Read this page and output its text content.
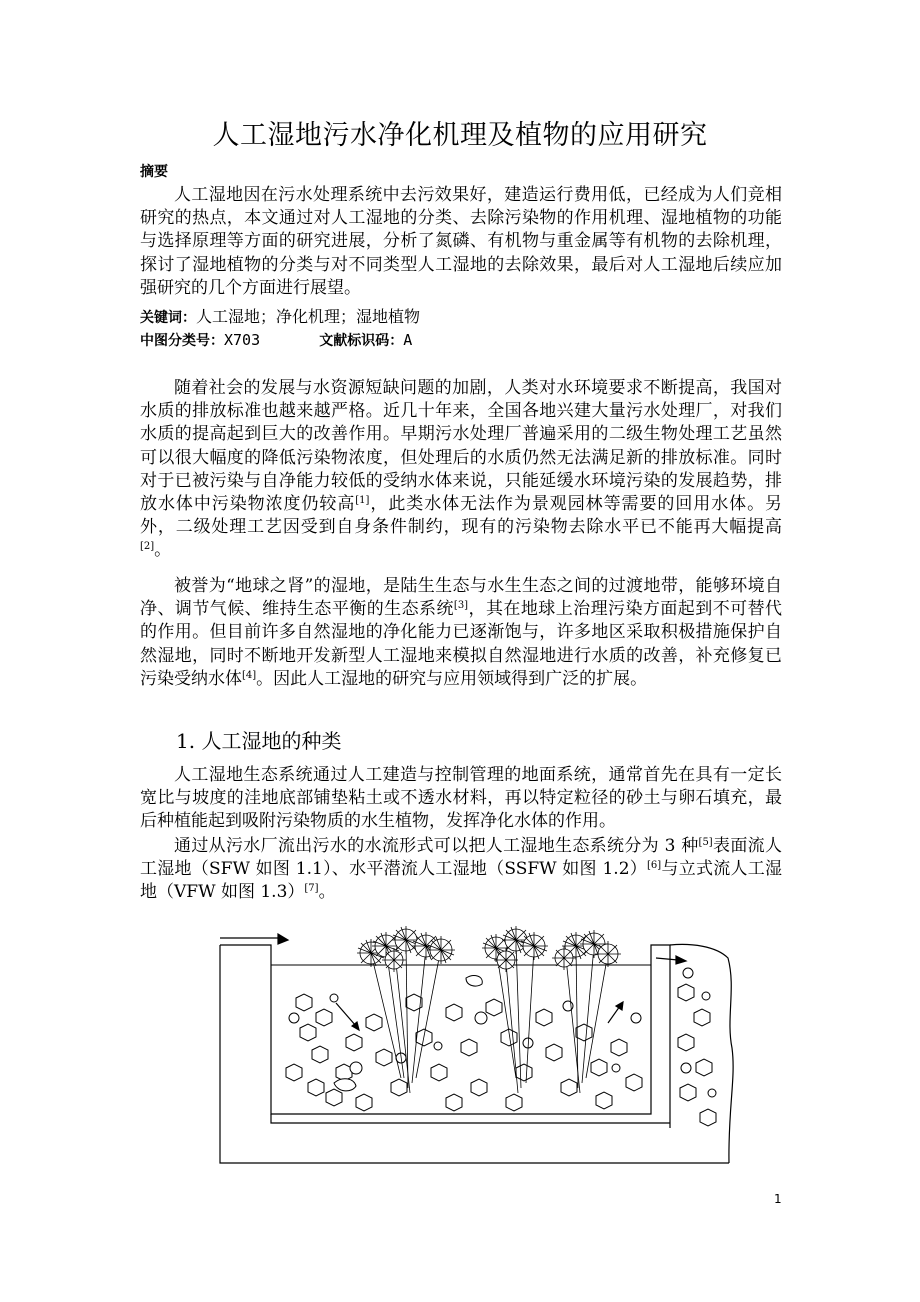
人工湿地污水净化机理及植物的应用研究
摘要

人工湿地因在污水处理系统中去污效果好，建造运行费用低，已经成为人们竞相研究的热点，本文通过对人工湿地的分类、去除污染物的作用机理、湿地植物的功能与选择原理等方面的研究进展，分析了氮磷、有机物与重金属等有机物的去除机理，探讨了湿地植物的分类与对不同类型人工湿地的去除效果，最后对人工湿地后续应加强研究的几个方面进行展望。

关键词：人工湿地；净化机理；湿地植物
中图分类号：X703	文献标识码：A

随着社会的发展与水资源短缺问题的加剧，人类对水环境要求不断提高，我国对水质的排放标准也越来越严格。近几十年来，全国各地兴建大量污水处理厂，对我们水质的提高起到巨大的改善作用。早期污水处理厂普遍采用的二级生物处理工艺虽然可以很大幅度的降低污染物浓度，但处理后的水质仍然无法满足新的排放标准。同时对于已被污染与自净能力较低的受纳水体来说，只能延缓水环境污染的发展趋势，排放水体中污染物浓度仍较高[1]，此类水体无法作为景观园林等需要的回用水体。另外，二级处理工艺因受到自身条件制约，现有的污染物去除水平已不能再大幅提高[2]。

被誉为“地球之肾”的湿地，是陆生生态与水生生态之间的过渡地带，能够环境自净、调节气候、维持生态平衡的生态系统[3]，其在地球上治理污染方面起到不可替代的作用。但目前许多自然湿地的净化能力已逐渐饱与，许多地区采取积极措施保护自然湿地，同时不断地开发新型人工湿地来模拟自然湿地进行水质的改善，补充修复已污染受纳水体[4]。因此人工湿地的研究与应用领域得到广泛的扩展。

1. 人工湿地的种类

人工湿地生态系统通过人工建造与控制管理的地面系统，通常首先在具有一定长宽比与坡度的洼地底部铺垫粘土或不透水材料，再以特定粒径的砂土与卵石填充，最后种植能起到吸附污染物质的水生植物，发挥净化水体的作用。

通过从污水厂流出污水的水流形式可以把人工湿地生态系统分为 3 种[5]表面流人工湿地（SFW 如图 1.1）、水平潜流人工湿地（SSFW 如图 1.2）[6]与立式流人工湿地（VFW 如图 1.3）[7]。

1
